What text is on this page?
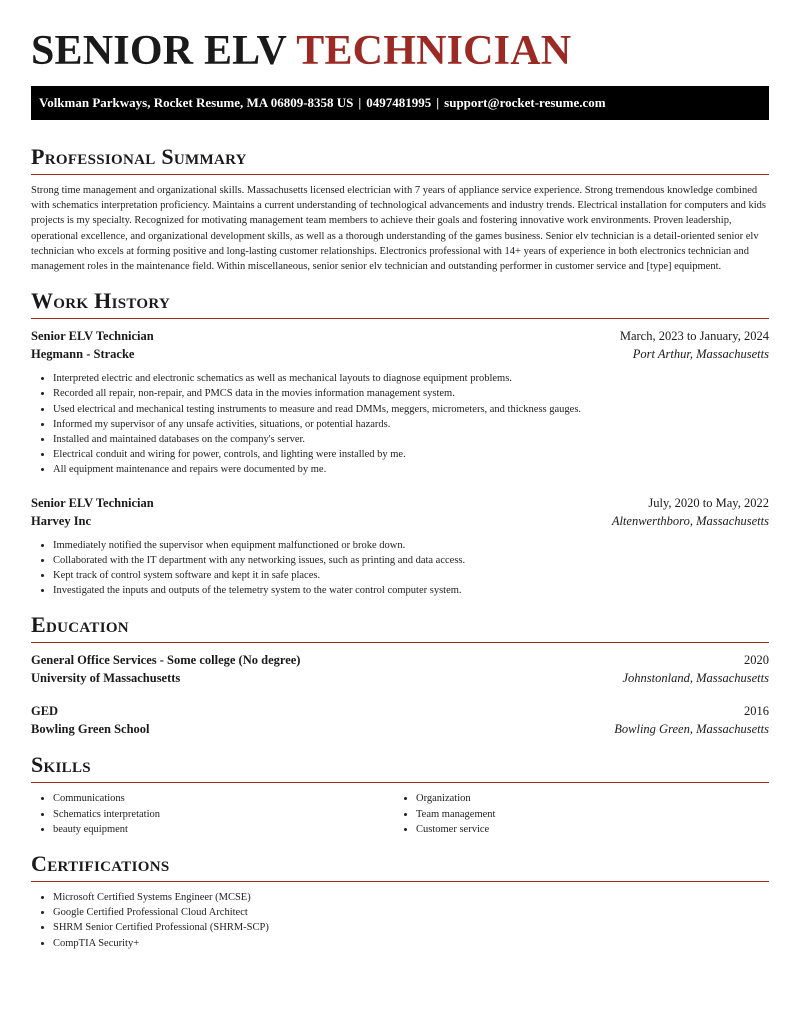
SENIOR ELV TECHNICIAN
Volkman Parkways, Rocket Resume, MA 06809-8358 US | 0497481995 | support@rocket-resume.com
Professional Summary

Strong time management and organizational skills. Massachusetts licensed electrician with 7 years of appliance service experience. Strong tremendous knowledge combined with schematics interpretation proficiency. Maintains a current understanding of technological advancements and industry trends. Electrical installation for computers and kids projects is my specialty. Recognized for motivating management team members to achieve their goals and fostering innovative work environments. Proven leadership, operational excellence, and organizational development skills, as well as a thorough understanding of the games business. Senior elv technician is a detail-oriented senior elv technician who excels at forming positive and long-lasting customer relationships. Electronics professional with 14+ years of experience in both electronics technician and management roles in the maintenance field. Within miscellaneous, senior senior elv technician and outstanding performer in customer service and [type] equipment.

Work History
Senior ELV Technician	March, 2023 to January, 2024
Hegmann - Stracke	Port Arthur, Massachusetts
• Interpreted electric and electronic schematics as well as mechanical layouts to diagnose equipment problems.
• Recorded all repair, non-repair, and PMCS data in the movies information management system.
• Used electrical and mechanical testing instruments to measure and read DMMs, meggers, micrometers, and thickness gauges.
• Informed my supervisor of any unsafe activities, situations, or potential hazards.
• Installed and maintained databases on the company's server.
• Electrical conduit and wiring for power, controls, and lighting were installed by me.
• All equipment maintenance and repairs were documented by me.
Senior ELV Technician	July, 2020 to May, 2022
Harvey Inc	Altenwerthboro, Massachusetts
• Immediately notified the supervisor when equipment malfunctioned or broke down.
• Collaborated with the IT department with any networking issues, such as printing and data access.
• Kept track of control system software and kept it in safe places.
• Investigated the inputs and outputs of the telemetry system to the water control computer system.
Education
General Office Services - Some college (No degree)	2020
University of Massachusetts	Johnstonland, Massachusetts
GED	2016
Bowling Green School	Bowling Green, Massachusetts
Skills
• Communications
• Schematics interpretation
• beauty equipment
• Organization
• Team management
• Customer service
Certifications
• Microsoft Certified Systems Engineer (MCSE)
• Google Certified Professional Cloud Architect
• SHRM Senior Certified Professional (SHRM-SCP)
• CompTIA Security+
